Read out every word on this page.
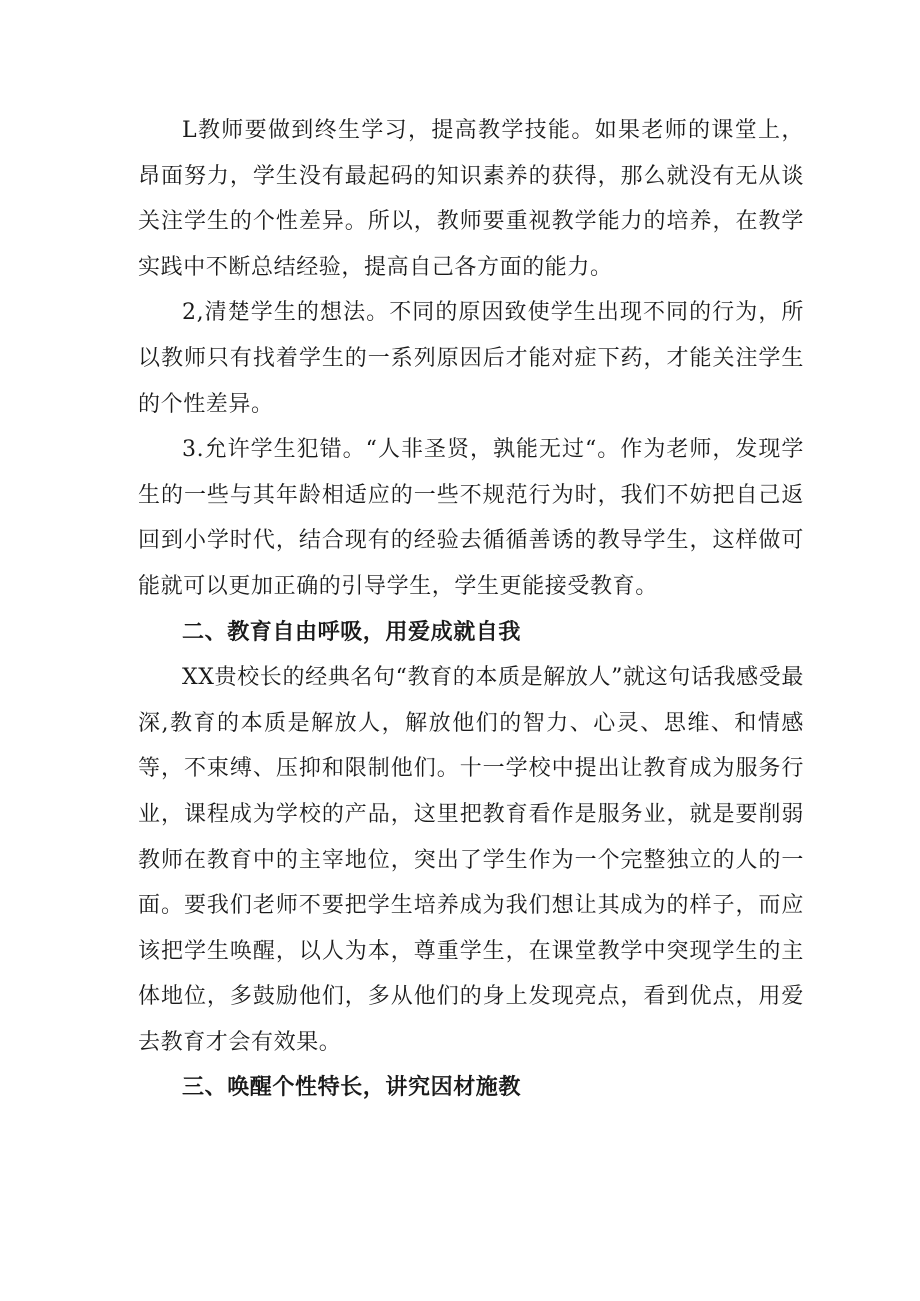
L教师要做到终生学习，提高教学技能。如果老师的课堂上，昂面努力，学生没有最起码的知识素养的获得，那么就没有无从谈关注学生的个性差异。所以，教师要重视教学能力的培养，在教学实践中不断总结经验，提高自己各方面的能力。

2,清楚学生的想法。不同的原因致使学生出现不同的行为，所以教师只有找着学生的一系列原因后才能对症下药，才能关注学生的个性差异。

3.允许学生犯错。“人非圣贤，孰能无过“。作为老师，发现学生的一些与其年龄相适应的一些不规范行为时，我们不妨把自己返回到小学时代，结合现有的经验去循循善诱的教导学生，这样做可能就可以更加正确的引导学生，学生更能接受教育。

二、教育自由呼吸，用爱成就自我

XX贵校长的经典名句“教育的本质是解放人”就这句话我感受最深,教育的本质是解放人，解放他们的智力、心灵、思维、和情感等，不束缚、压抑和限制他们。十一学校中提出让教育成为服务行业，课程成为学校的产品，这里把教育看作是服务业，就是要削弱教师在教育中的主宰地位，突出了学生作为一个完整独立的人的一面。要我们老师不要把学生培养成为我们想让其成为的样子，而应该把学生唤醒，以人为本，尊重学生，在课堂教学中突现学生的主体地位，多鼓励他们，多从他们的身上发现亮点，看到优点，用爱去教育才会有效果。

三、唤醒个性特长，讲究因材施教
